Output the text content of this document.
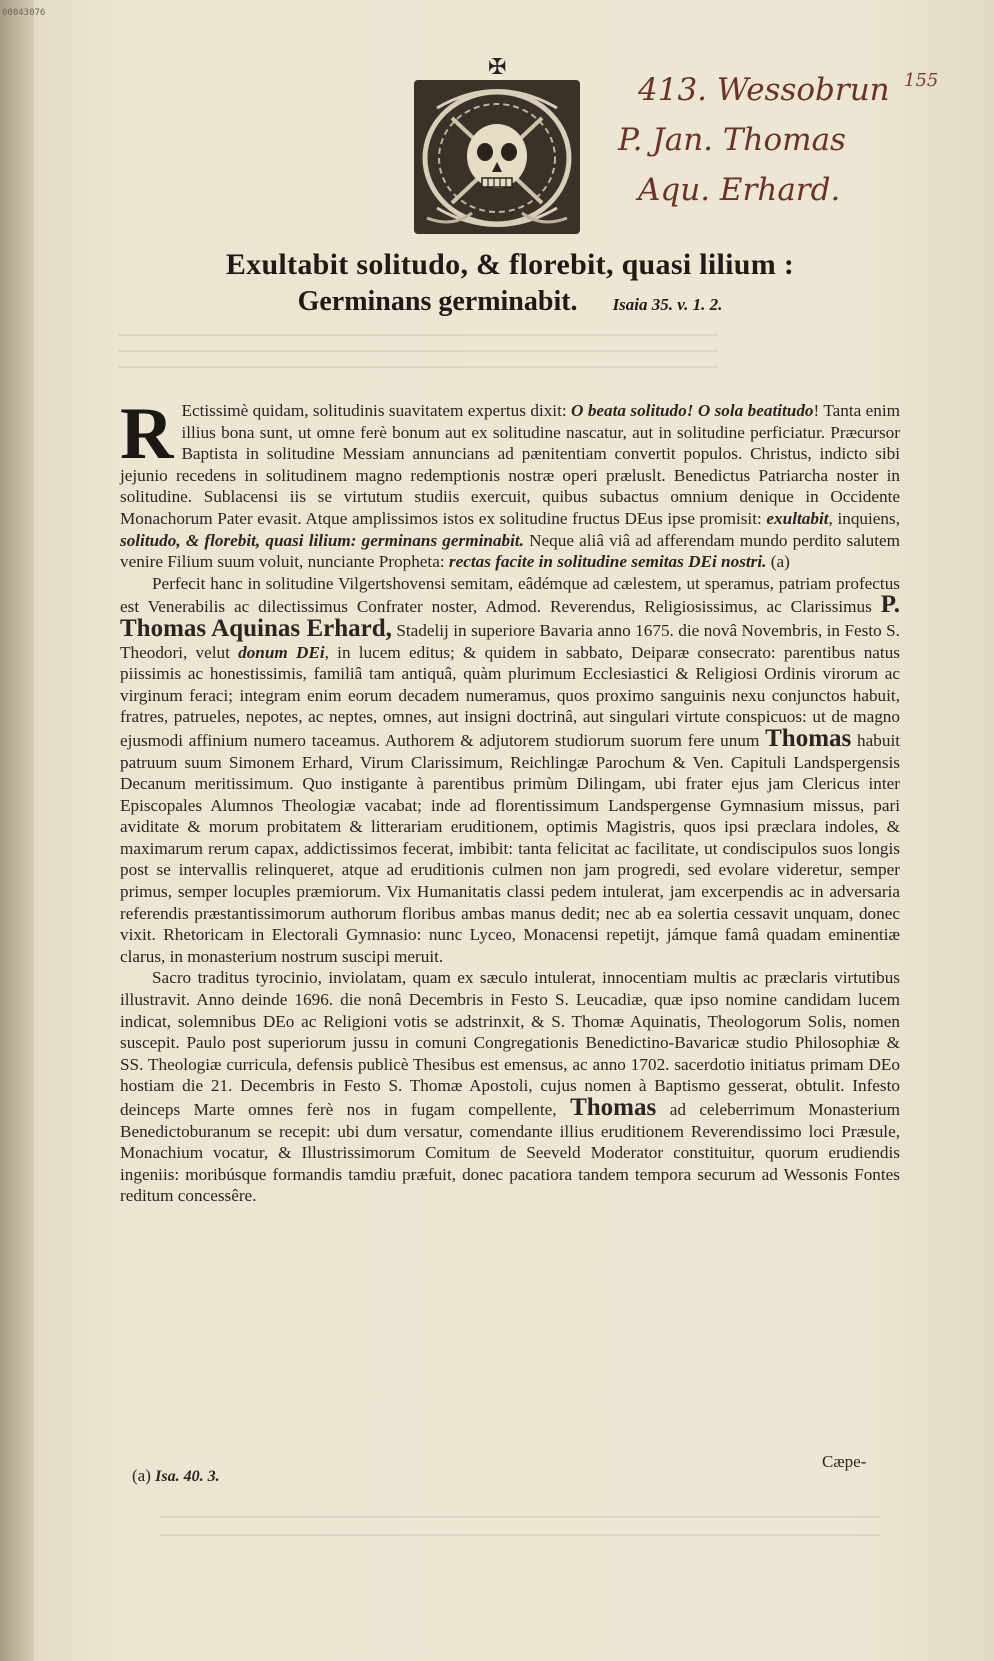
00043076
155
✠
413. Wessobrun
P. Jan. Thomas
Aqu. Erhard.
Exultabit solitudo, & florebit, quasi lilium :
Germinans germinabit. Isaia 35. v. 1. 2.

R Ectissimè quidam, solitudinis suavitatem expertus dixit: O beata solitudo! O sola beatitudo! Tanta enim illius bona sunt, ut omne ferè bonum aut ex solitudine nascatur, aut in solitudine perficiatur. Præcursor Baptista in solitudine Messiam annuncians ad pænitentiam convertit populos. Christus, indicto sibi jejunio recedens in solitudinem magno redemptionis nostræ operi præluslt. Benedictus Patriarcha noster in solitudine. Sublacensi iis se virtutum studiis exercuit, quibus subactus omnium denique in Occidente Monachorum Pater evasit. Atque amplissimos istos ex solitudine fructus DEus ipse promisit: exultabit, inquiens, solitudo, & florebit, quasi lilium: germinans germinabit. Neque aliâ viâ ad afferendam mundo perdito salutem venire Filium suum voluit, nunciante Propheta: rectas facite in solitudine semitas DEi nostri. (a)

Perfecit hanc in solitudine Vilgertshovensi semitam, eâdémque ad cælestem, ut speramus, patriam profectus est Venerabilis ac dilectissimus Confrater noster, Admod. Reverendus, Religiosissimus, ac Clarissimus P. Thomas Aquinas Erhard, Stadelij in superiore Bavaria anno 1675. die novâ Novembris, in Festo S. Theodori, velut donum DEi, in lucem editus; & quidem in sabbato, Deiparæ consecrato: parentibus natus piissimis ac honestissimis, familiâ tam antiquâ, quàm plurimum Ecclesiastici & Religiosi Ordinis virorum ac virginum feraci; integram enim eorum decadem numeramus, quos proximo sanguinis nexu conjunctos habuit, fratres, patrueles, nepotes, ac neptes, omnes, aut insigni doctrinâ, aut singulari virtute conspicuos: ut de magno ejusmodi affinium numero taceamus. Authorem & adjutorem studiorum suorum fere unum Thomas habuit patruum suum Simonem Erhard, Virum Clarissimum, Reichlingæ Parochum & Ven. Capituli Landspergensis Decanum meritissimum. Quo instigante à parentibus primùm Dilingam, ubi frater ejus jam Clericus inter Episcopales Alumnos Theologiæ vacabat; inde ad florentissimum Landspergense Gymnasium missus, pari aviditate & morum probitatem & litterariam eruditionem, optimis Magistris, quos ipsi præclara indoles, & maximarum rerum capax, addictissimos fecerat, imbibit: tanta felicitat ac facilitate, ut condiscipulos suos longis post se intervallis relinqueret, atque ad eruditionis culmen non jam progredi, sed evolare videretur, semper primus, semper locuples præmiorum. Vix Humanitatis classi pedem intulerat, jam excerpendis ac in adversaria referendis præstantissimorum authorum floribus ambas manus dedit; nec ab ea solertia cessavit unquam, donec vixit. Rhetoricam in Electorali Gymnasio: nunc Lyceo, Monacensi repetijt, jámque famâ quadam eminentiæ clarus, in monasterium nostrum suscipi meruit.

Sacro traditus tyrocinio, inviolatam, quam ex sæculo intulerat, innocentiam multis ac præclaris virtutibus illustravit. Anno deinde 1696. die nonâ Decembris in Festo S. Leucadiæ, quæ ipso nomine candidam lucem indicat, solemnibus DEo ac Religioni votis se adstrinxit, & S. Thomæ Aquinatis, Theologorum Solis, nomen suscepit. Paulo post superiorum jussu in comuni Congregationis Benedictino-Bavaricæ studio Philosophiæ & SS. Theologiæ curricula, defensis publicè Thesibus est emensus, ac anno 1702. sacerdotio initiatus primam DEo hostiam die 21. Decembris in Festo S. Thomæ Apostoli, cujus nomen à Baptismo gesserat, obtulit. Infesto deinceps Marte omnes ferè nos in fugam compellente, Thomas ad celeberrimum Monasterium Benedictoburanum se recepit: ubi dum versatur, comendante illius eruditionem Reverendissimo loci Præsule, Monachium vocatur, & Illustrissimorum Comitum de Seeveld Moderator constituitur, quorum erudiendis ingeniis: moribúsque formandis tamdiu præfuit, donec pacatiora tandem tempora securum ad Wessonis Fontes reditum concessêre.

Cæpe-
(a) Isa. 40. 3.
